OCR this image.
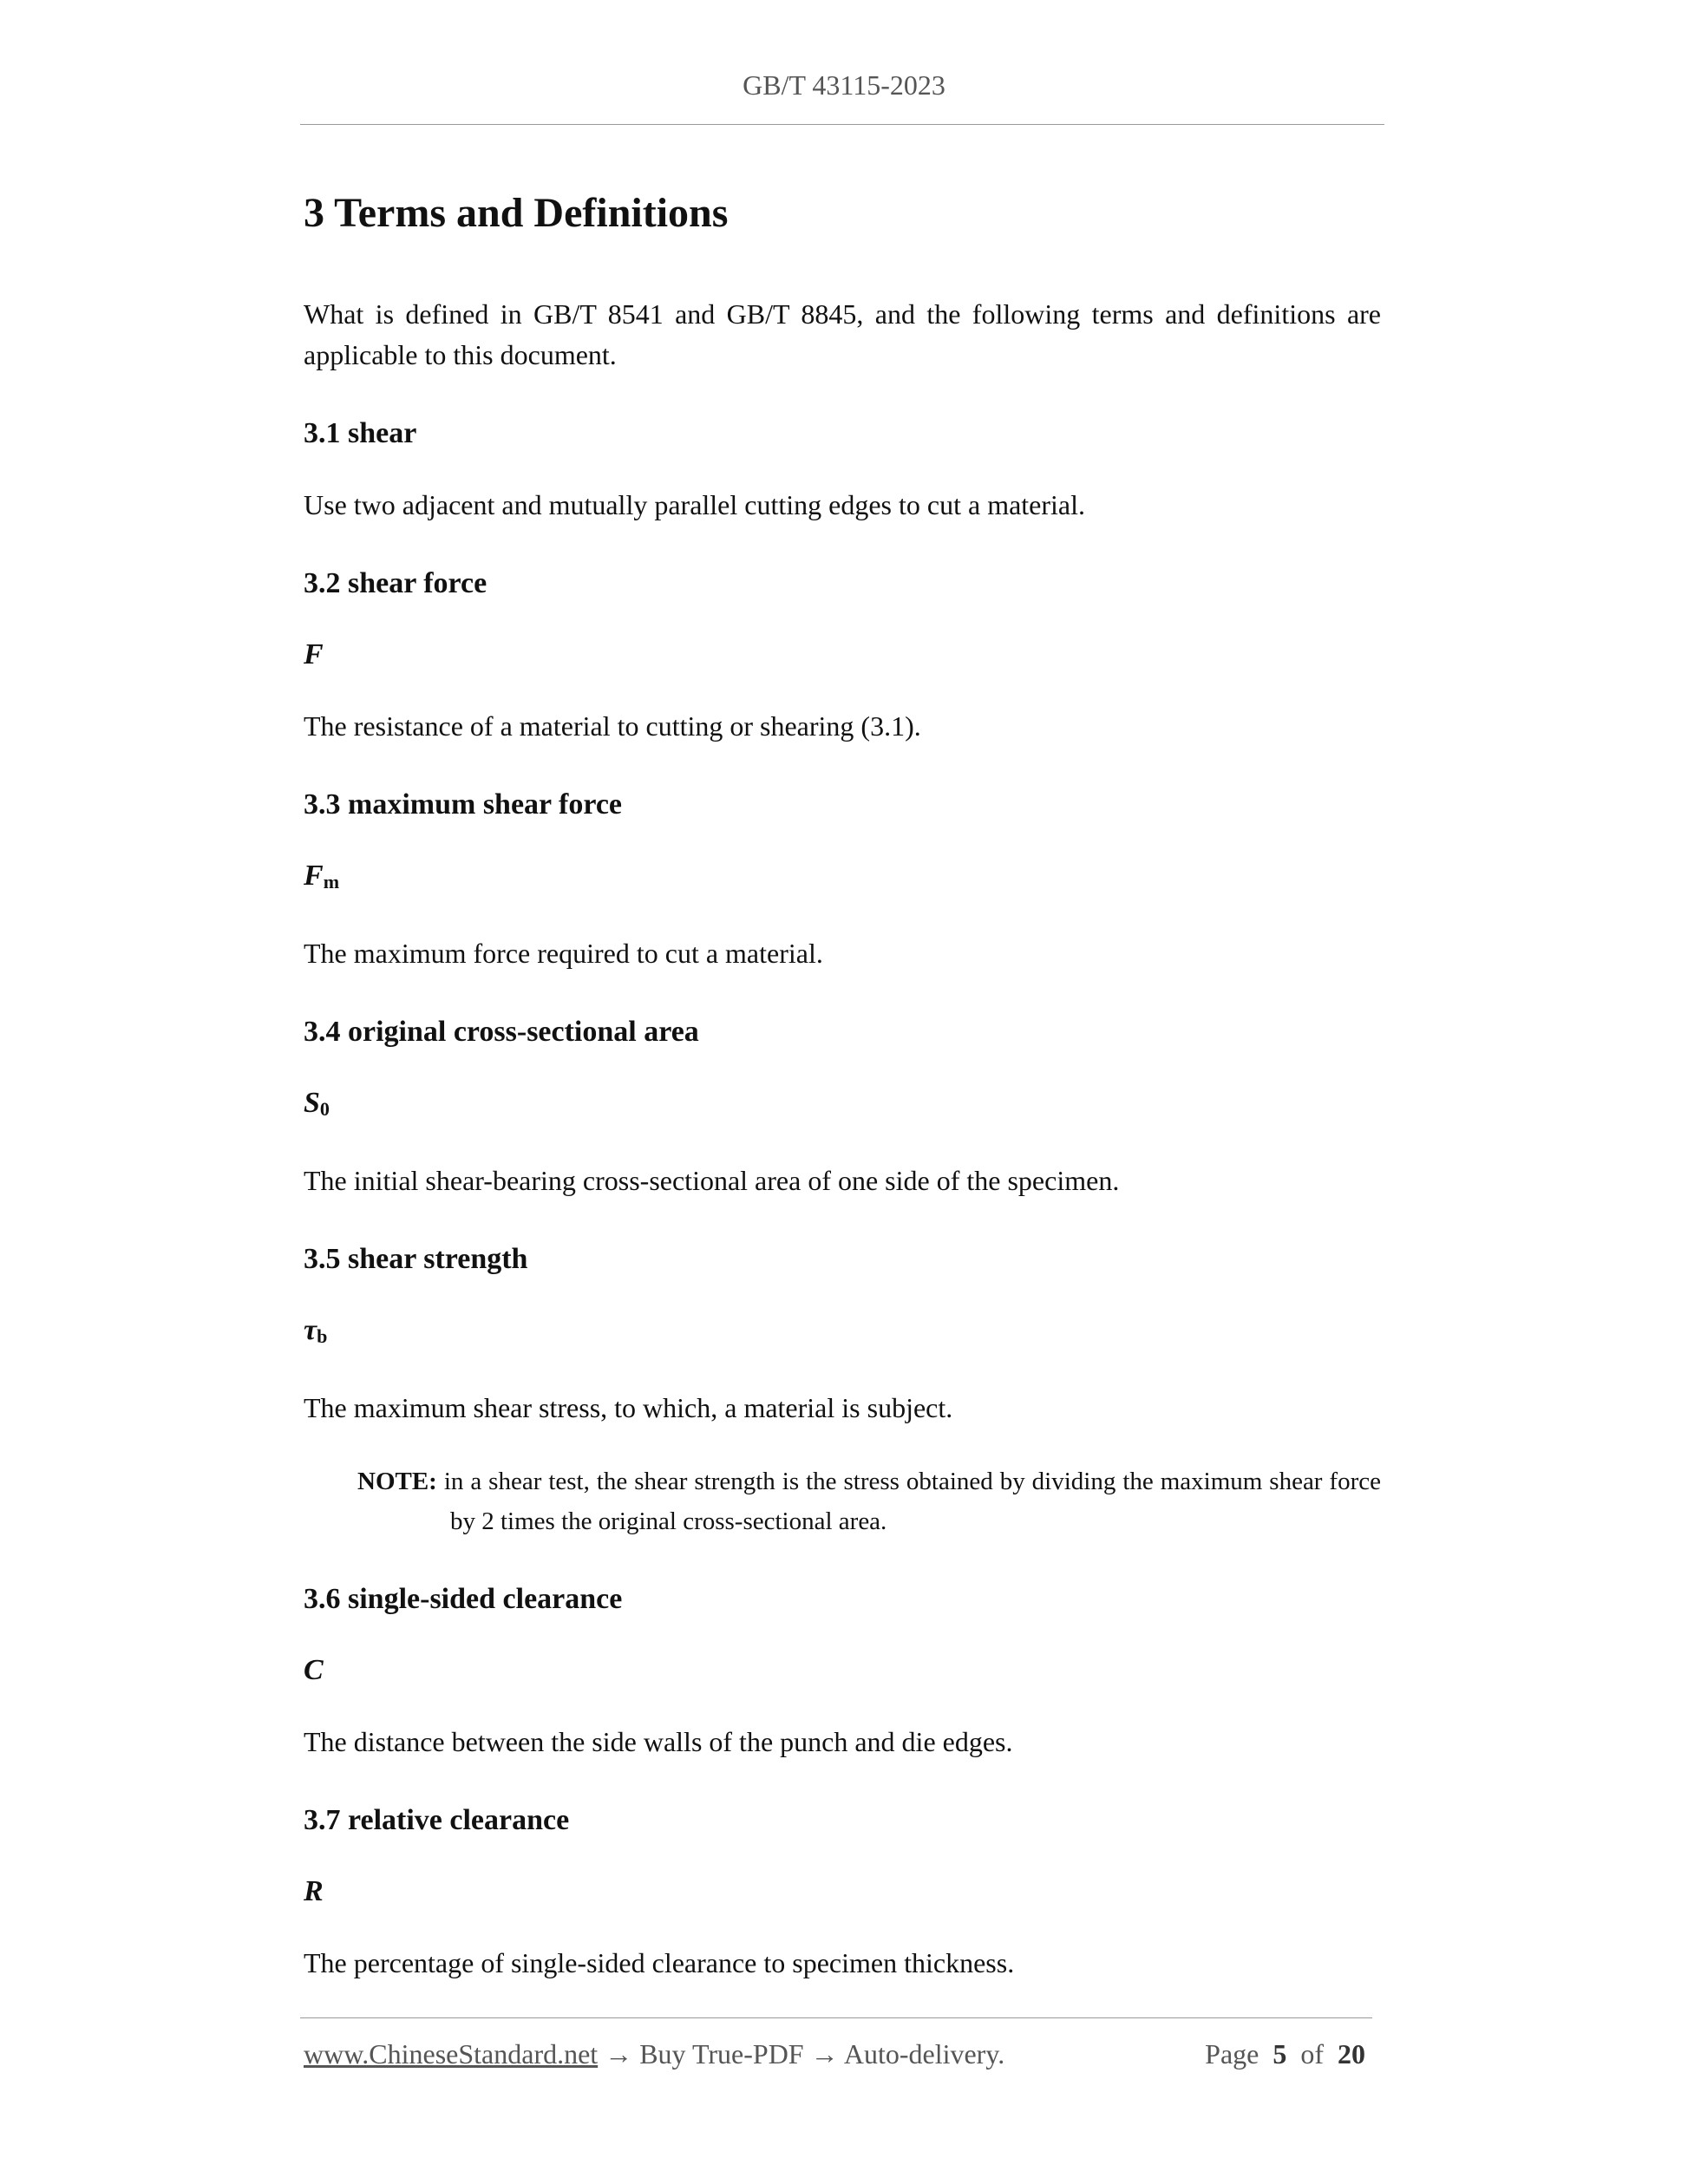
GB/T 43115-2023
3 Terms and Definitions

What is defined in GB/T 8541 and GB/T 8845, and the following terms and definitions are applicable to this document.

3.1 shear

Use two adjacent and mutually parallel cutting edges to cut a material.

3.2 shear force
F

The resistance of a material to cutting or shearing (3.1).

3.3 maximum shear force
$F_m$

The maximum force required to cut a material.

3.4 original cross-sectional area
$S_0$

The initial shear-bearing cross-sectional area of one side of the specimen.

3.5 shear strength
$\tau_b$

The maximum shear stress, to which, a material is subject.

NOTE: in a shear test, the shear strength is the stress obtained by dividing the maximum shear force by 2 times the original cross-sectional area.

3.6 single-sided clearance
C

The distance between the side walls of the punch and die edges.

3.7 relative clearance
R

The percentage of single-sided clearance to specimen thickness.

www.ChineseStandard.net → Buy True-PDF → Auto-delivery.	Page 5 of 20
